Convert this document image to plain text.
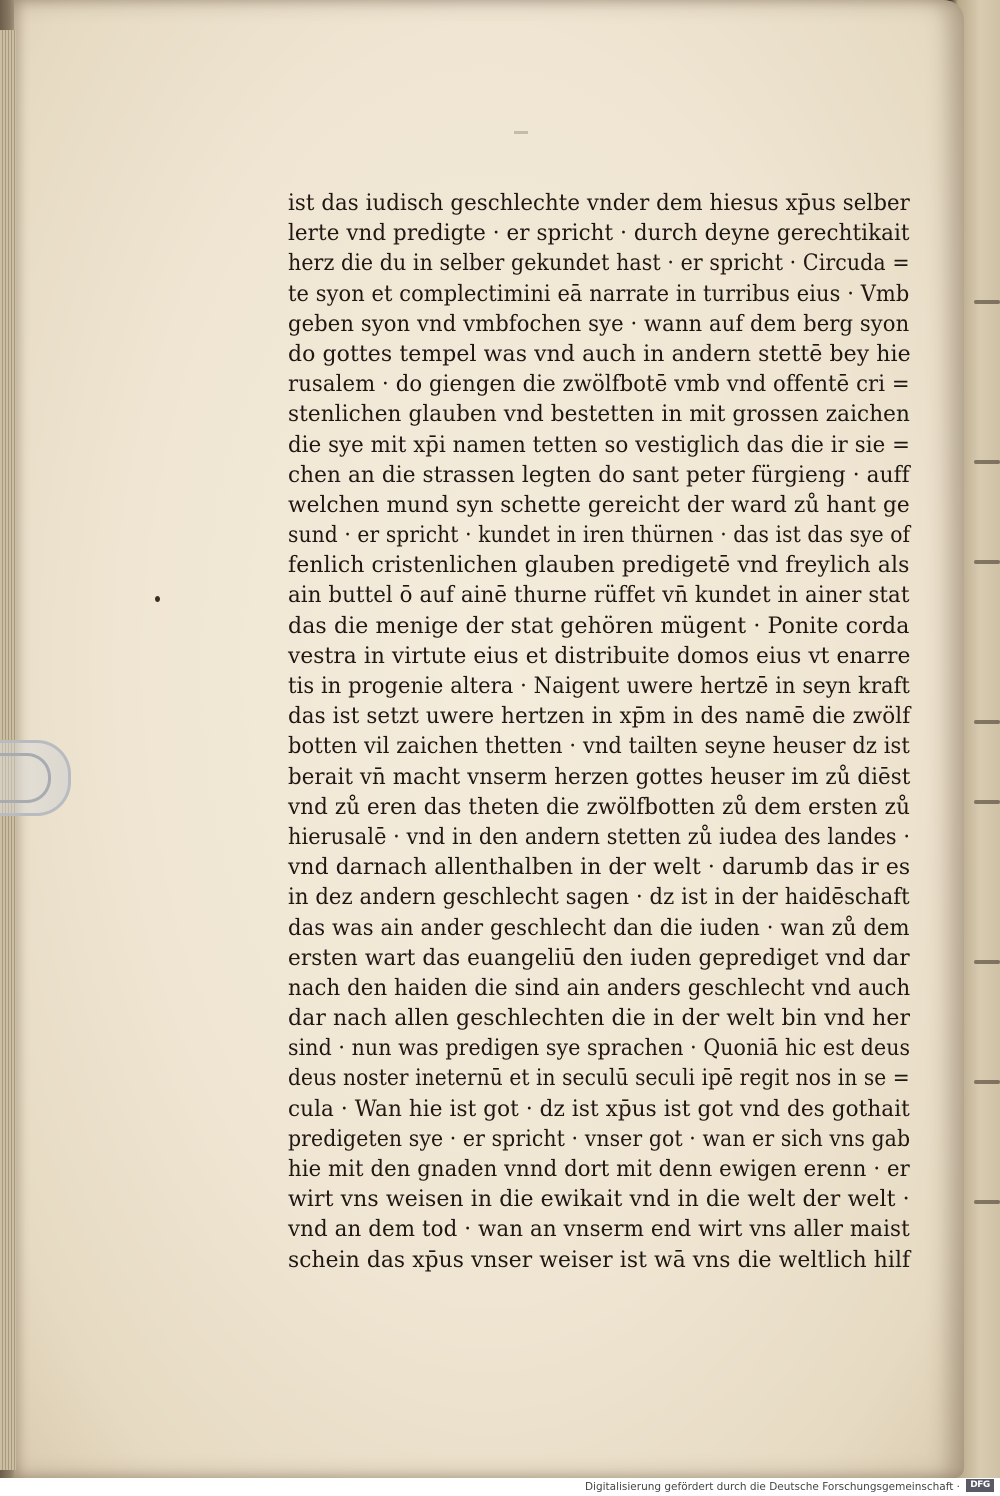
ist das iudisch geschlechte vnder dem hiesus xp̄us selber
lerte vnd predigte · er spricht · durch deyne gerechtikait
herz die du in selber gekundet hast · er spricht · Circuda =
te syon et complectimini eā narrate in turribus eius · Vmb
geben syon vnd vmbfochen sye · wann auf dem berg syon
do gottes tempel was vnd auch in andern stettē bey hie
rusalem · do giengen die zwölfbotē vmb vnd offentē cri =
stenlichen glauben vnd bestetten in mit grossen zaichen
die sye mit xp̄i namen tetten so vestiglich das die ir sie =
chen an die strassen legten do sant peter fürgieng · auff
welchen mund syn schette gereicht der ward zů hant ge
sund · er spricht · kundet in iren thürnen · das ist das sye of
fenlich cristenlichen glauben predigetē vnd freylich als
ain buttel ō auf ainē thurne rüffet vn̄ kundet in ainer stat
das die menige der stat gehören mügent · Ponite corda
vestra in virtute eius et distribuite domos eius vt enarre
tis in progenie altera · Naigent uwere hertzē in seyn kraft
das ist setzt uwere hertzen in xp̄m in des namē die zwölf
botten vil zaichen thetten · vnd tailten seyne heuser dz ist
berait vn̄ macht vnserm herzen gottes heuser im zů diēst
vnd zů eren das theten die zwölfbotten zů dem ersten zů
hierusalē · vnd in den andern stetten zů iudea des landes ·
vnd darnach allenthalben in der welt · darumb das ir es
in dez andern geschlecht sagen · dz ist in der haidēschaft
das was ain ander geschlecht dan die iuden · wan zů dem
ersten wart das euangeliū den iuden geprediget vnd dar
nach den haiden die sind ain anders geschlecht vnd auch
dar nach allen geschlechten die in der welt bin vnd her
sind · nun was predigen sye sprachen · Quoniā hic est deus
deus noster ineternū et in seculū seculi ipē regit nos in se =
cula · Wan hie ist got · dz ist xp̄us ist got vnd des gothait
predigeten sye · er spricht · vnser got · wan er sich vns gab
hie mit den gnaden vnnd dort mit denn ewigen erenn · er
wirt vns weisen in die ewikait vnd in die welt der welt ·
vnd an dem tod · wan an vnserm end wirt vns aller maist
schein das xp̄us vnser weiser ist wā vns die weltlich hilf
Digitalisierung gefördert durch die Deutsche Forschungsgemeinschaft ·	DFG
